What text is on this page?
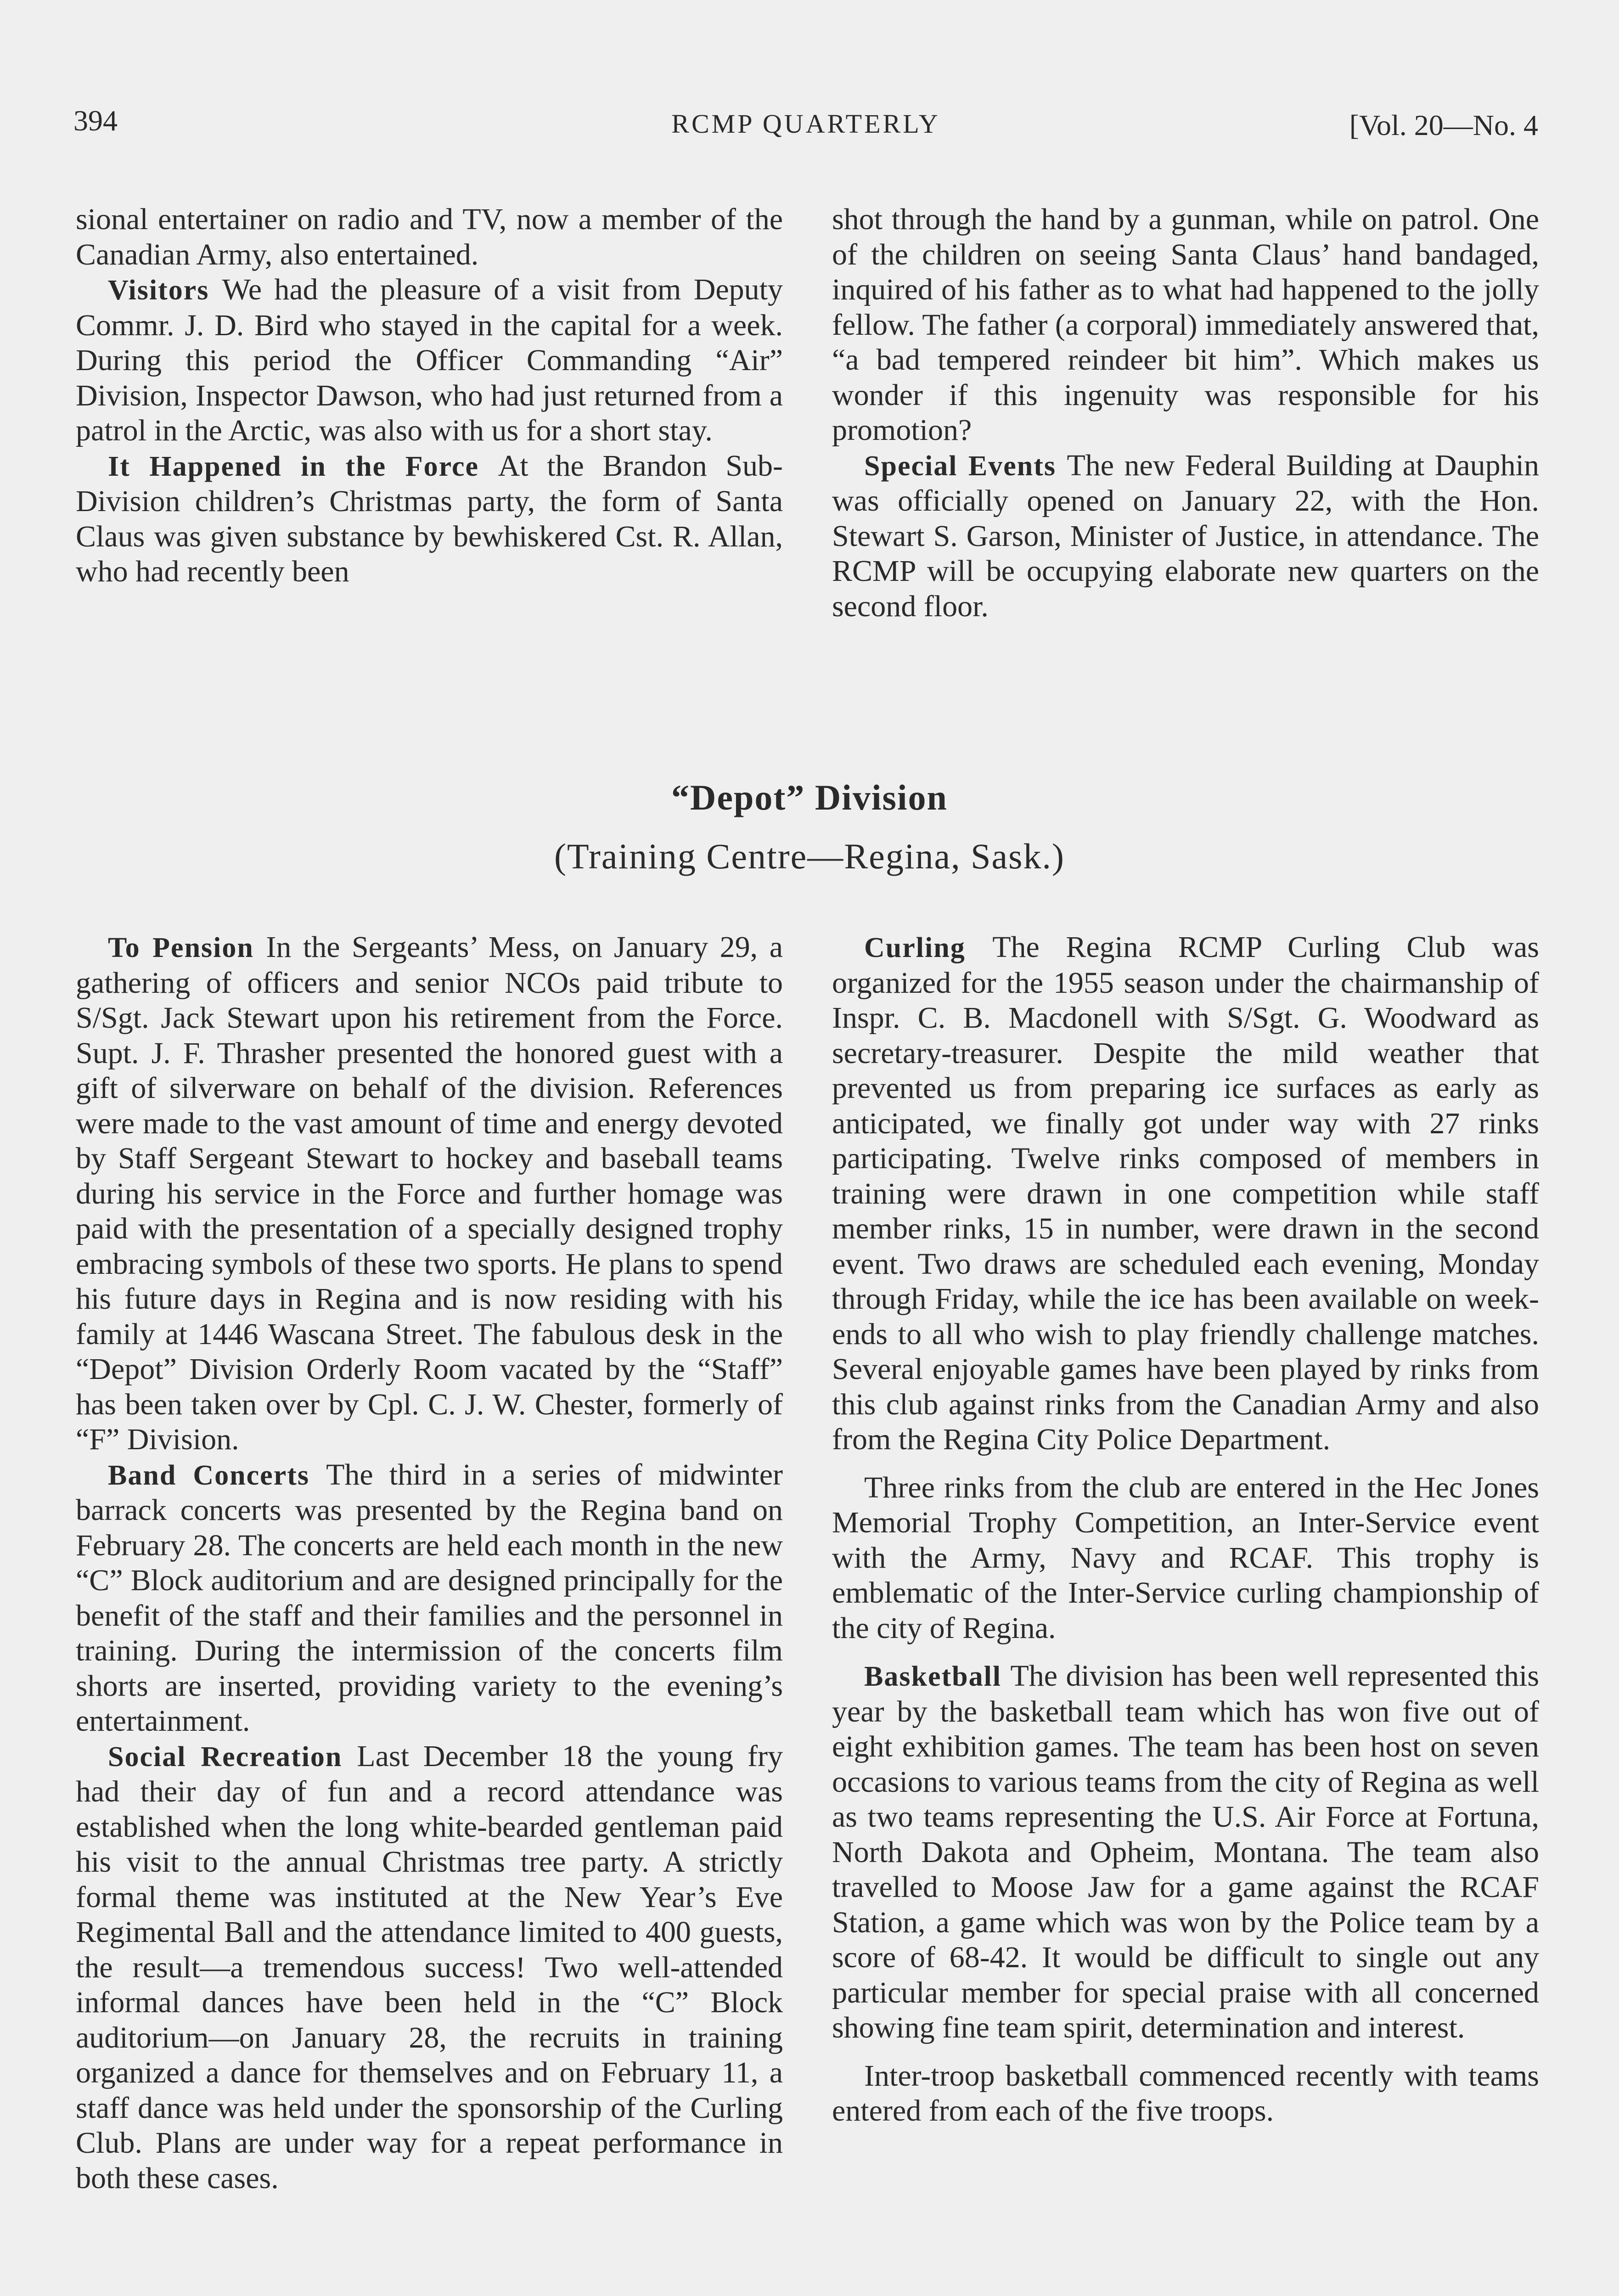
394	RCMP QUARTERLY	[Vol. 20—No. 4

sional entertainer on radio and TV, now a member of the Canadian Army, also entertained.

Visitors We had the pleasure of a visit from Deputy Commr. J. D. Bird who stayed in the capital for a week. During this period the Officer Commanding “Air” Division, Inspector Dawson, who had just returned from a patrol in the Arctic, was also with us for a short stay.

It Happened in the Force At the Brandon Sub-Division children’s Christmas party, the form of Santa Claus was given substance by bewhiskered Cst. R. Allan, who had recently been

shot through the hand by a gunman, while on patrol. One of the children on seeing Santa Claus’ hand bandaged, inquired of his father as to what had happened to the jolly fellow. The father (a corporal) immediately answered that, “a bad tempered reindeer bit him”. Which makes us wonder if this ingenuity was responsible for his promotion?

Special Events The new Federal Building at Dauphin was officially opened on January 22, with the Hon. Stewart S. Garson, Minister of Justice, in attendance. The RCMP will be occupying elaborate new quarters on the second floor.

“Depot” Division
(Training Centre—Regina, Sask.)

To Pension In the Sergeants’ Mess, on January 29, a gathering of officers and senior NCOs paid tribute to S/Sgt. Jack Stewart upon his retirement from the Force. Supt. J. F. Thrasher presented the honored guest with a gift of silverware on behalf of the division. References were made to the vast amount of time and energy devoted by Staff Sergeant Stewart to hockey and baseball teams during his service in the Force and further homage was paid with the presentation of a specially designed trophy embracing symbols of these two sports. He plans to spend his future days in Regina and is now residing with his family at 1446 Wascana Street. The fabulous desk in the “Depot” Division Orderly Room vacated by the “Staff” has been taken over by Cpl. C. J. W. Chester, formerly of “F” Division.

Band Concerts The third in a series of midwinter barrack concerts was presented by the Regina band on February 28. The concerts are held each month in the new “C” Block auditorium and are designed principally for the benefit of the staff and their families and the personnel in training. During the intermission of the concerts film shorts are inserted, providing variety to the evening’s entertainment.

Social Recreation Last December 18 the young fry had their day of fun and a record attendance was established when the long white-bearded gentleman paid his visit to the annual Christmas tree party. A strictly formal theme was instituted at the New Year’s Eve Regimental Ball and the attendance limited to 400 guests, the result—a tremendous success! Two well-attended informal dances have been held in the “C” Block auditorium—on January 28, the recruits in training organized a dance for themselves and on February 11, a staff dance was held under the sponsorship of the Curling Club. Plans are under way for a repeat performance in both these cases.

Curling The Regina RCMP Curling Club was organized for the 1955 season under the chairmanship of Inspr. C. B. Macdonell with S/Sgt. G. Woodward as secretary-treasurer. Despite the mild weather that prevented us from preparing ice surfaces as early as anticipated, we finally got under way with 27 rinks participating. Twelve rinks composed of members in training were drawn in one competition while staff member rinks, 15 in number, were drawn in the second event. Two draws are scheduled each evening, Monday through Friday, while the ice has been available on week-ends to all who wish to play friendly challenge matches. Several enjoyable games have been played by rinks from this club against rinks from the Canadian Army and also from the Regina City Police Department.

Three rinks from the club are entered in the Hec Jones Memorial Trophy Competition, an Inter-Service event with the Army, Navy and RCAF. This trophy is emblematic of the Inter-Service curling championship of the city of Regina.

Basketball The division has been well represented this year by the basketball team which has won five out of eight exhibition games. The team has been host on seven occasions to various teams from the city of Regina as well as two teams representing the U.S. Air Force at Fortuna, North Dakota and Opheim, Montana. The team also travelled to Moose Jaw for a game against the RCAF Station, a game which was won by the Police team by a score of 68-42. It would be difficult to single out any particular member for special praise with all concerned showing fine team spirit, determination and interest.

Inter-troop basketball commenced recently with teams entered from each of the five troops.
